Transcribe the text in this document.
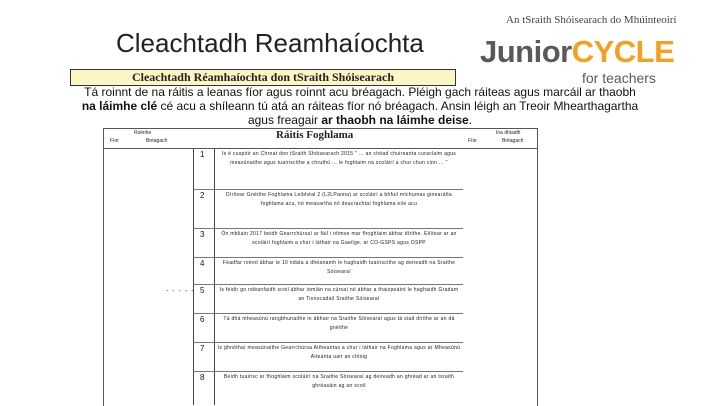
Cleachtadh Reamhaíochta
An tSraith Shóisearach do Mhúinteoirí
JuniorCYCLE
for teachers
Cleachtadh Réamhaíochta don tSraith Shóisearach
Tá roinnt de na ráitis a leanas fíor agus roinnt acu bréagach. Pléigh gach ráiteas agus marcáil ar thaobh
na láimhe clé cé acu a shíleann tú atá an ráiteas fíor nó bréagach. Ansin léigh an Treoir Mhearthagartha
agus freagair ar thaobh na láimhe deise.
Roimhe
Fíor	Bréagach
Ina dhiaidh
Fíor	Bréagach
Ráitis Foghlama
1	Is é cuspóir an Chreat don tSraith Shóisearach 2015 " ... an chéad chuireanta curaclaim agus measúnaithe agus tuairiscithe a chruthú ... le foghlaim na scoláirí a chur chun cinn ... "
2	Dírítear Gnéithe Foghlama Leibhéal 2 (L2LPanna) ar scoláirí a bhfuil míchumas ginearálta foghlama acu, nó measartha nó deacrachtaí foghlama eile acu
3	Ón mbliain 2017 beidh Gearrchúrsaí ar fáil i réimse mar fhoghlaim ábhar dírithe. Éilítear ar an scoláirí foghlaim a chur i láthair na Gaeilge, ar CO-GSPS agus OSPP
4	Féadfar roinnt ábhar le 10 ndáta a dhéanamh le haghaidh tuairiscithe ag deireadh na Sraithe Sóisearaí
- - - - - 5	Is féidir go ndéanfaidh scoil ábhar iomlán na cúrsaí nó ábhar a thaispeáint le haghaidh Gradam an Tionscadail Sraithe Sóisearaí
6	Tá dhá mheasúnú rangbhunaithe in ábhair na Sraithe Sóisearaí agus tá siad dírithe ar an dá gnéithe
7	Is ghnóthaí measúnaithe Gearrchúrsa Aitheantas a chur i láthair na Foghlama agus ar Mheasúnú Aiteanta uair an chloig
8	Beidh tuairisc ar fhoghlaim scoláirí na Sraithe Sóisearaí ag deireadh an ghréad ar an tsraith ghréasáin ag an scoil
